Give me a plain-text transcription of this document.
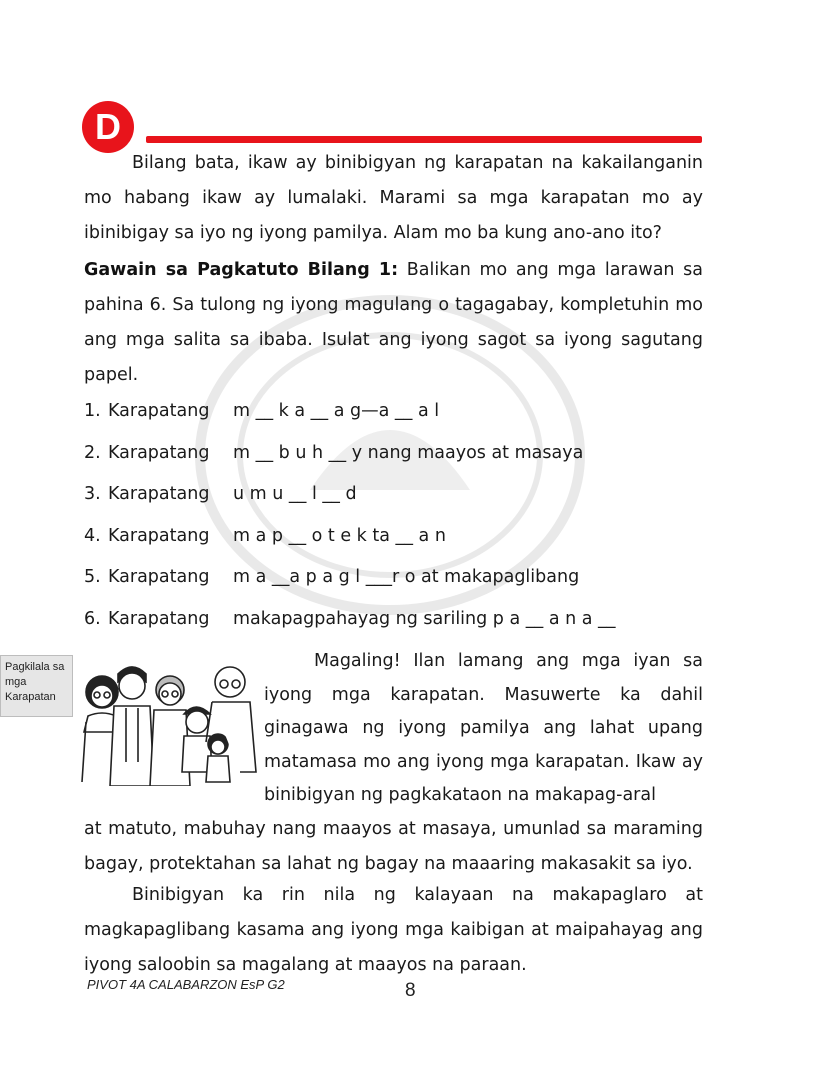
D

Bilang bata, ikaw ay binibigyan ng karapatan na kakailanganin mo habang ikaw ay lumalaki. Marami sa mga karapatan mo ay ibinibigay sa iyo ng iyong pamilya. Alam mo ba kung ano-ano ito?

Gawain sa Pagkatuto Bilang 1: Balikan mo ang mga larawan sa pahina 6. Sa tulong ng iyong magulang o tagagabay, kompletuhin mo ang mga salita sa ibaba. Isulat ang iyong sagot sa iyong sagutang papel.

1. Karapatang m __ k a __ a g—a __ a l
2. Karapatang m __ b u h __ y nang maayos at masaya
3. Karapatang u m u __ l __ d
4. Karapatang m a p __ o t e k ta __ a n
5. Karapatang m a __a p a g l ___r o at makapaglibang
6. Karapatang makapagpahayag ng sariling p a __ a n a __
Pagkilala sa mga Karapatan

Magaling! Ilan lamang ang mga iyan sa iyong mga karapatan. Masuwerte ka dahil ginagawa ng iyong pamilya ang lahat upang matamasa mo ang iyong mga karapatan. Ikaw ay binibigyan ng pagkakataon na makapag-aral

at matuto, mabuhay nang maayos at masaya, umunlad sa maraming bagay, protektahan sa lahat ng bagay na maaaring makasakit sa iyo.

Binibigyan ka rin nila ng kalayaan na makapaglaro at magkapaglibang kasama ang iyong mga kaibigan at maipahayag ang iyong saloobin sa magalang at maayos na paraan.

PIVOT 4A CALABARZON EsP G2	8
